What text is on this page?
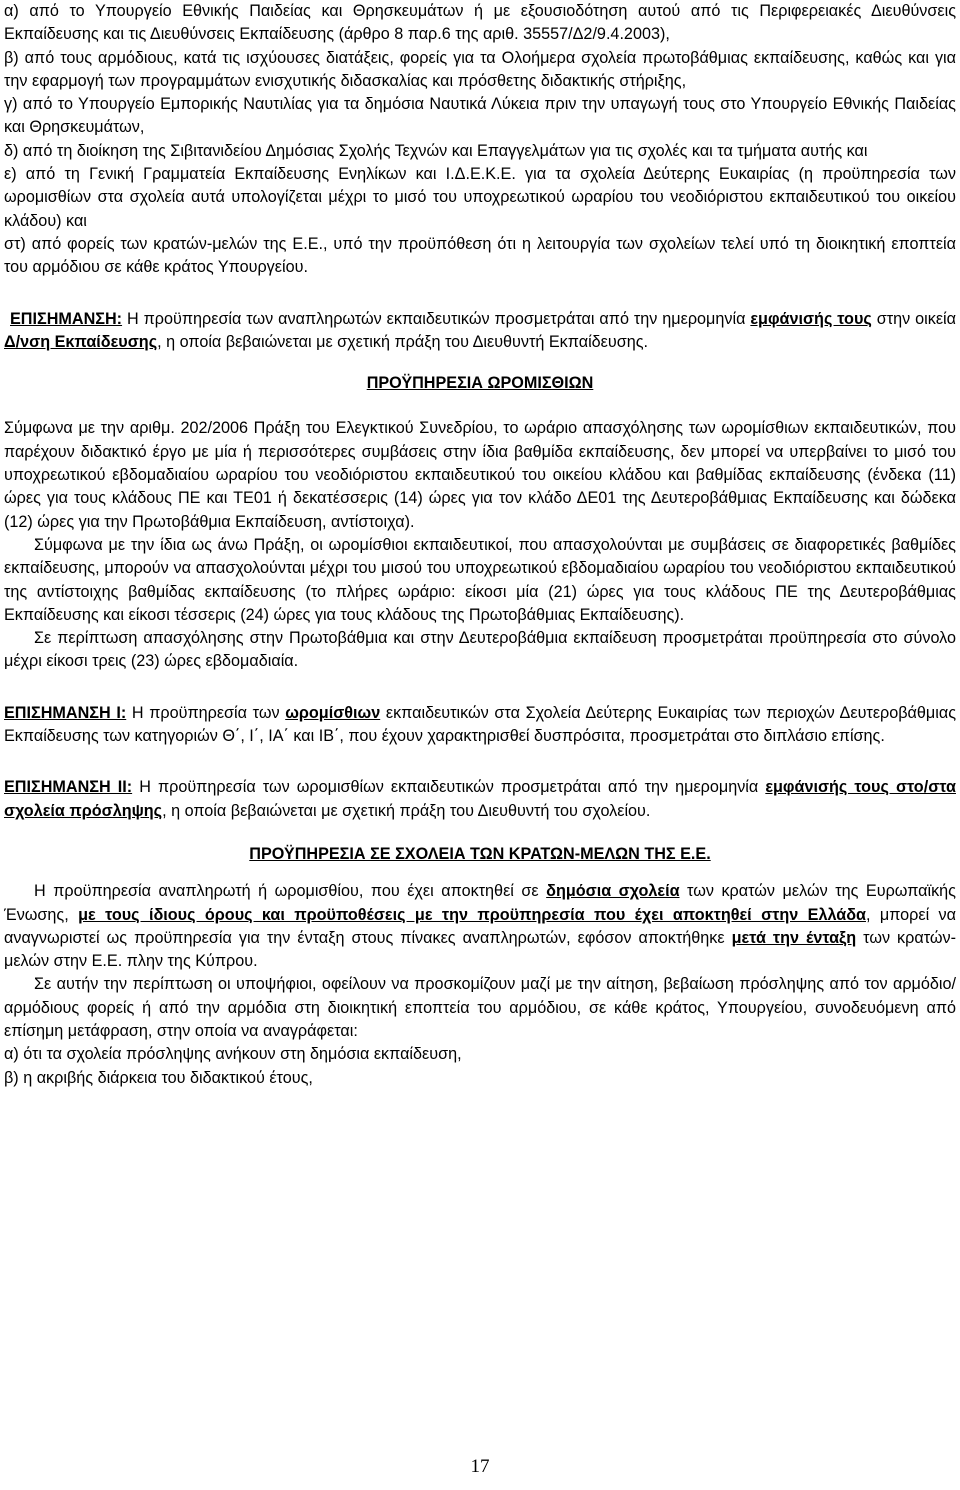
α) από το Υπουργείο Εθνικής Παιδείας και Θρησκευμάτων ή με εξουσιοδότηση αυτού από τις Περιφερειακές Διευθύνσεις Εκπαίδευσης και τις Διευθύνσεις Εκπαίδευσης (άρθρο 8 παρ.6 της αριθ. 35557/Δ2/9.4.2003),

β) από τους αρμόδιους, κατά τις ισχύουσες διατάξεις, φορείς για τα Ολοήμερα σχολεία πρωτοβάθμιας εκπαίδευσης, καθώς και για την εφαρμογή των προγραμμάτων ενισχυτικής διδασκαλίας και πρόσθετης διδακτικής στήριξης,

γ) από το Υπουργείο Εμπορικής Ναυτιλίας για τα δημόσια Ναυτικά Λύκεια πριν την υπαγωγή τους στο Υπουργείο Εθνικής Παιδείας και Θρησκευμάτων,

δ) από τη διοίκηση της Σιβιτανιδείου Δημόσιας Σχολής Τεχνών και Επαγγελμάτων για τις σχολές και τα τμήματα αυτής και

ε) από τη Γενική Γραμματεία Εκπαίδευσης Ενηλίκων και Ι.Δ.Ε.Κ.Ε. για τα σχολεία Δεύτερης Ευκαιρίας (η προϋπηρεσία των ωρομισθίων στα σχολεία αυτά υπολογίζεται μέχρι το μισό του υποχρεωτικού ωραρίου του νεοδιόριστου εκπαιδευτικού του οικείου κλάδου) και

στ) από φορείς των κρατών-μελών της Ε.Ε., υπό την προϋπόθεση ότι η λειτουργία των σχολείων τελεί υπό τη διοικητική εποπτεία του αρμόδιου σε κάθε κράτος Υπουργείου.

ΕΠΙΣΗΜΑΝΣΗ: Η προϋπηρεσία των αναπληρωτών εκπαιδευτικών προσμετράται από την ημερομηνία εμφάνισής τους στην οικεία Δ/νση Εκπαίδευσης, η οποία βεβαιώνεται με σχετική πράξη του Διευθυντή Εκπαίδευσης.

ΠΡΟΫΠΗΡΕΣΙΑ ΩΡΟΜΙΣΘΙΩΝ

Σύμφωνα με την αριθμ. 202/2006 Πράξη του Ελεγκτικού Συνεδρίου, το ωράριο απασχόλησης των ωρομίσθιων εκπαιδευτικών, που παρέχουν διδακτικό έργο με μία ή περισσότερες συμβάσεις στην ίδια βαθμίδα εκπαίδευσης, δεν μπορεί να υπερβαίνει το μισό του υποχρεωτικού εβδομαδιαίου ωραρίου του νεοδιόριστου εκπαιδευτικού του οικείου κλάδου και βαθμίδας εκπαίδευσης (ένδεκα (11) ώρες για τους κλάδους ΠΕ και ΤΕ01 ή δεκατέσσερις (14) ώρες για τον κλάδο ΔΕ01 της Δευτεροβάθμιας Εκπαίδευσης και δώδεκα (12) ώρες για την Πρωτοβάθμια Εκπαίδευση, αντίστοιχα).

Σύμφωνα με την ίδια ως άνω Πράξη, οι ωρομίσθιοι εκπαιδευτικοί, που απασχολούνται με συμβάσεις σε διαφορετικές βαθμίδες εκπαίδευσης, μπορούν να απασχολούνται μέχρι του μισού του υποχρεωτικού εβδομαδιαίου ωραρίου του νεοδιόριστου εκπαιδευτικού της αντίστοιχης βαθμίδας εκπαίδευσης (το πλήρες ωράριο: είκοσι μία (21) ώρες για τους κλάδους ΠΕ της Δευτεροβάθμιας Εκπαίδευσης και είκοσι τέσσερις (24) ώρες για τους κλάδους της Πρωτοβάθμιας Εκπαίδευσης).

Σε περίπτωση απασχόλησης στην Πρωτοβάθμια και στην Δευτεροβάθμια εκπαίδευση προσμετράται προϋπηρεσία στο σύνολο μέχρι είκοσι τρεις (23) ώρες εβδομαδιαία.

ΕΠΙΣΗΜΑΝΣΗ Ι: Η προϋπηρεσία των ωρομίσθιων εκπαιδευτικών στα Σχολεία Δεύτερης Ευκαιρίας των περιοχών Δευτεροβάθμιας Εκπαίδευσης των κατηγοριών Θ΄, Ι΄, ΙΑ΄ και ΙΒ΄, που έχουν χαρακτηρισθεί δυσπρόσιτα, προσμετράται στο διπλάσιο επίσης.

ΕΠΙΣΗΜΑΝΣΗ ΙΙ: Η προϋπηρεσία των ωρομισθίων εκπαιδευτικών προσμετράται από την ημερομηνία εμφάνισής τους στο/στα σχολεία πρόσληψης, η οποία βεβαιώνεται με σχετική πράξη του Διευθυντή του σχολείου.

ΠΡΟΫΠΗΡΕΣΙΑ ΣΕ ΣΧΟΛΕΙΑ ΤΩΝ ΚΡΑΤΩΝ-ΜΕΛΩΝ ΤΗΣ Ε.Ε.

Η προϋπηρεσία αναπληρωτή ή ωρομισθίου, που έχει αποκτηθεί σε δημόσια σχολεία των κρατών μελών της Ευρωπαϊκής Ένωσης, με τους ίδιους όρους και προϋποθέσεις με την προϋπηρεσία που έχει αποκτηθεί στην Ελλάδα, μπορεί να αναγνωριστεί ως προϋπηρεσία για την ένταξη στους πίνακες αναπληρωτών, εφόσον αποκτήθηκε μετά την ένταξη των κρατών-μελών στην Ε.Ε. πλην της Κύπρου.

Σε αυτήν την περίπτωση οι υποψήφιοι, οφείλουν να προσκομίζουν μαζί με την αίτηση, βεβαίωση πρόσληψης από τον αρμόδιο/αρμόδιους φορείς ή από την αρμόδια στη διοικητική εποπτεία του αρμόδιου, σε κάθε κράτος, Υπουργείου, συνοδευόμενη από επίσημη μετάφραση, στην οποία να αναγράφεται:

α) ότι τα σχολεία πρόσληψης ανήκουν στη δημόσια εκπαίδευση,

β) η ακριβής διάρκεια του διδακτικού έτους,

17
